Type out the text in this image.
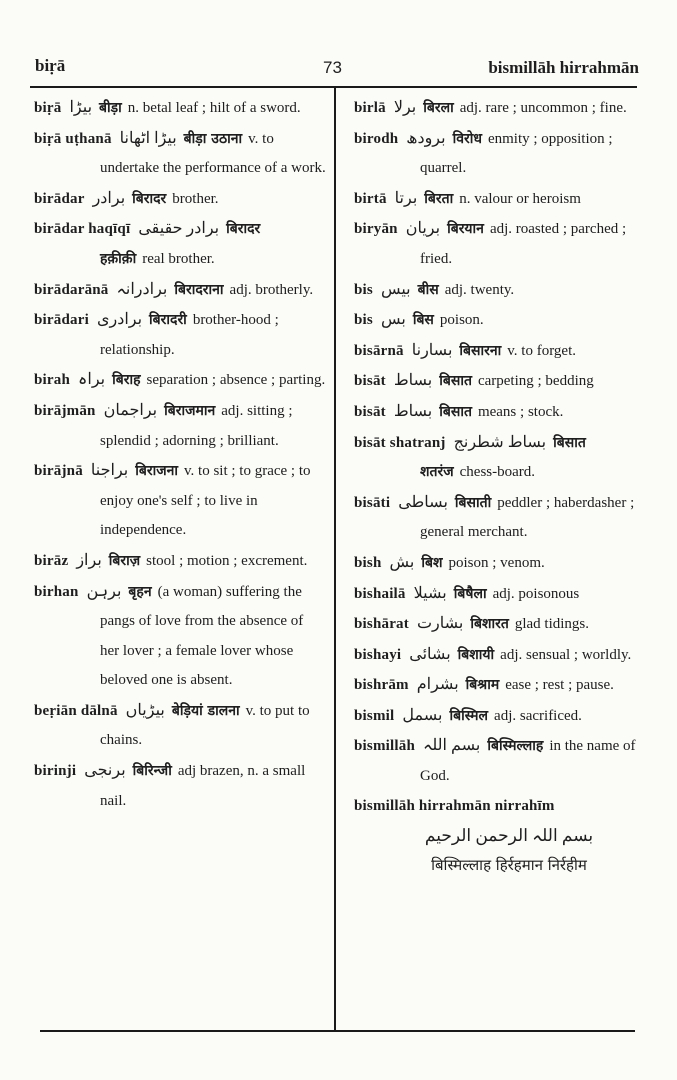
biṛā	73	bismillāh hirrahmān
biṛā بیڑا बीड़ा n. betal leaf ; hilt of a sword.
biṛā uṭhanā بیڑا اٹھانا बीड़ा उठाना v. to undertake the performance of a work.
birādar برادر बिरादर brother.
birādar haqīqī برادر حقیقی बिरादर हक़ीक़ी real brother.
birādarānā برادرانہ बिरादराना adj. brotherly.
birādari برادری बिरादरी brother-hood ; relationship.
birah براہ बिराह separation ; absence ; parting.
birājmān براجمان बिराजमान adj. sitting ; splendid ; adorning ; brilliant.
birājnā براجنا बिराजना v. to sit ; to grace ; to enjoy one's self ; to live in independence.
birāz براز बिराज़ stool ; motion ; excrement.
birhan برہن बृहन (a woman) suffering the pangs of love from the absence of her lover ; a female lover whose beloved one is absent.
beṛiān dālnā بیڑیاں बेड़ियां डालना v. to put to chains.
birinji برنجی बिरिन्जी adj brazen, n. a small nail.
birlā برلا बिरला adj. rare ; uncommon ; fine.
birodh برودھ विरोध enmity ; opposition ; quarrel.
birtā برتا बिरता n. valour or heroism
biryān بریان बिरयान adj. roasted ; parched ; fried.
bis بیس बीस adj. twenty.
bis بس बिस poison.
bisārnā بسارنا बिसारना v. to forget.
bisāt بساط बिसात carpeting ; bedding
bisāt بساط बिसात means ; stock.
bisāt shatranj بساط شطرنج बिसात शतरंज chess-board.
bisāti بساطی बिसाती peddler ; haberdasher ; general merchant.
bish بش बिश poison ; venom.
bishailā بشیلا बिषैला adj. poisonous
bishārat بشارت बिशारत glad tidings.
bishayi بشائی बिशायी adj. sensual ; worldly.
bishrām بشرام बिश्राम ease ; rest ; pause.
bismil بسمل बिस्मिल adj. sacrificed.
bismillāh بسم اللہ बिस्मिल्लाह in the name of God.
bismillāh hirrahmān nirrahīm
بسم اللہ الرحمن الرحیم
बिस्मिल्लाह हिर्रहमान निर्रहीम
